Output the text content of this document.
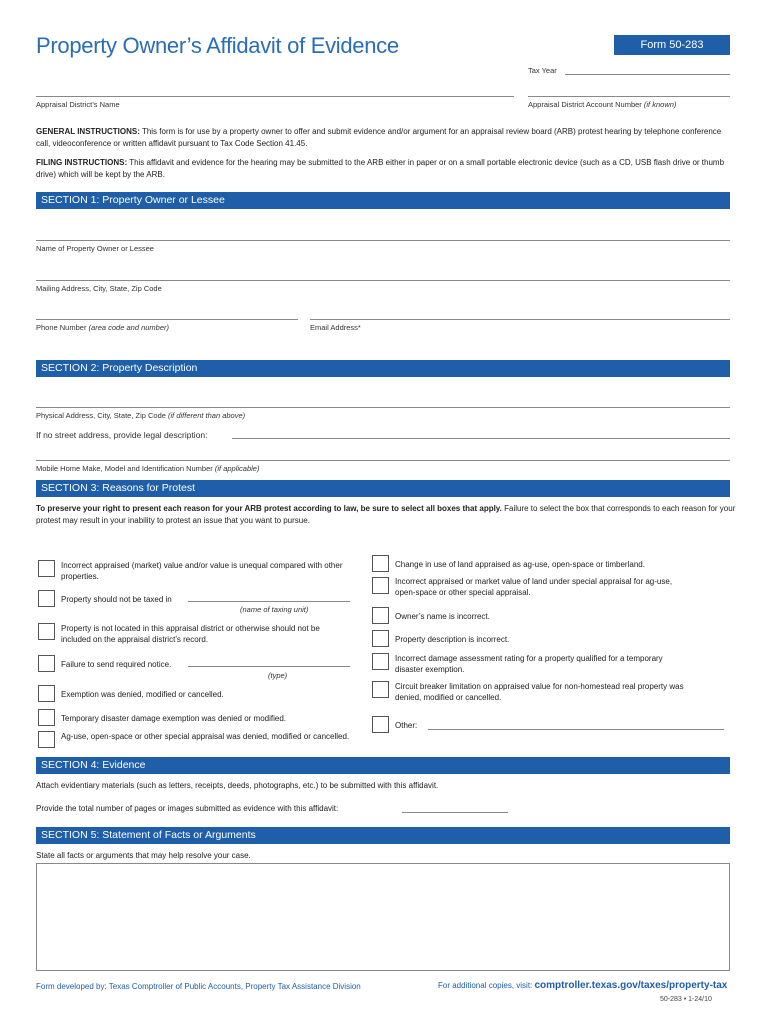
Property Owner’s Affidavit of Evidence	Form 50-283
Tax Year
Appraisal District’s Name	Appraisal District Account Number (if known)
GENERAL INSTRUCTIONS: This form is for use by a property owner to offer and submit evidence and/or argument for an appraisal review board (ARB) protest hearing by telephone conference call, videoconference or written affidavit pursuant to Tax Code Section 41.45.
FILING INSTRUCTIONS: This affidavit and evidence for the hearing may be submitted to the ARB either in paper or on a small portable electronic device (such as a CD, USB flash drive or thumb drive) which will be kept by the ARB.
SECTION 1: Property Owner or Lessee
Name of Property Owner or Lessee
Mailing Address, City, State, Zip Code
Phone Number (area code and number)	Email Address*
SECTION 2: Property Description
Physical Address, City, State, Zip Code (if different than above)
If no street address, provide legal description:
Mobile Home Make, Model and Identification Number (if applicable)
SECTION 3: Reasons for Protest
To preserve your right to present each reason for your ARB protest according to law, be sure to select all boxes that apply. Failure to select the box that corresponds to each reason for your protest may result in your inability to protest an issue that you want to pursue.
Incorrect appraised (market) value and/or value is unequal compared with other properties.
Property should not be taxed in
(name of taxing unit)
Property is not located in this appraisal district or otherwise should not be included on the appraisal district’s record.
Failure to send required notice.
(type)
Exemption was denied, modified or cancelled.
Temporary disaster damage exemption was denied or modified.
Ag-use, open-space or other special appraisal was denied, modified or cancelled.
Change in use of land appraised as ag-use, open-space or timberland.
Incorrect appraised or market value of land under special appraisal for ag-use, open-space or other special appraisal.
Owner’s name is incorrect.
Property description is incorrect.
Incorrect damage assessment rating for a property qualified for a temporary disaster exemption.
Circuit breaker limitation on appraised value for non-homestead real property was denied, modified or cancelled.
Other:
SECTION 4: Evidence
Attach evidentiary materials (such as letters, receipts, deeds, photographs, etc.) to be submitted with this affidavit.
Provide the total number of pages or images submitted as evidence with this affidavit:
SECTION 5: Statement of Facts or Arguments
State all facts or arguments that may help resolve your case.
Form developed by: Texas Comptroller of Public Accounts, Property Tax Assistance Division	For additional copies, visit: comptroller.texas.gov/taxes/property-tax
50-283 • 1-24/10
